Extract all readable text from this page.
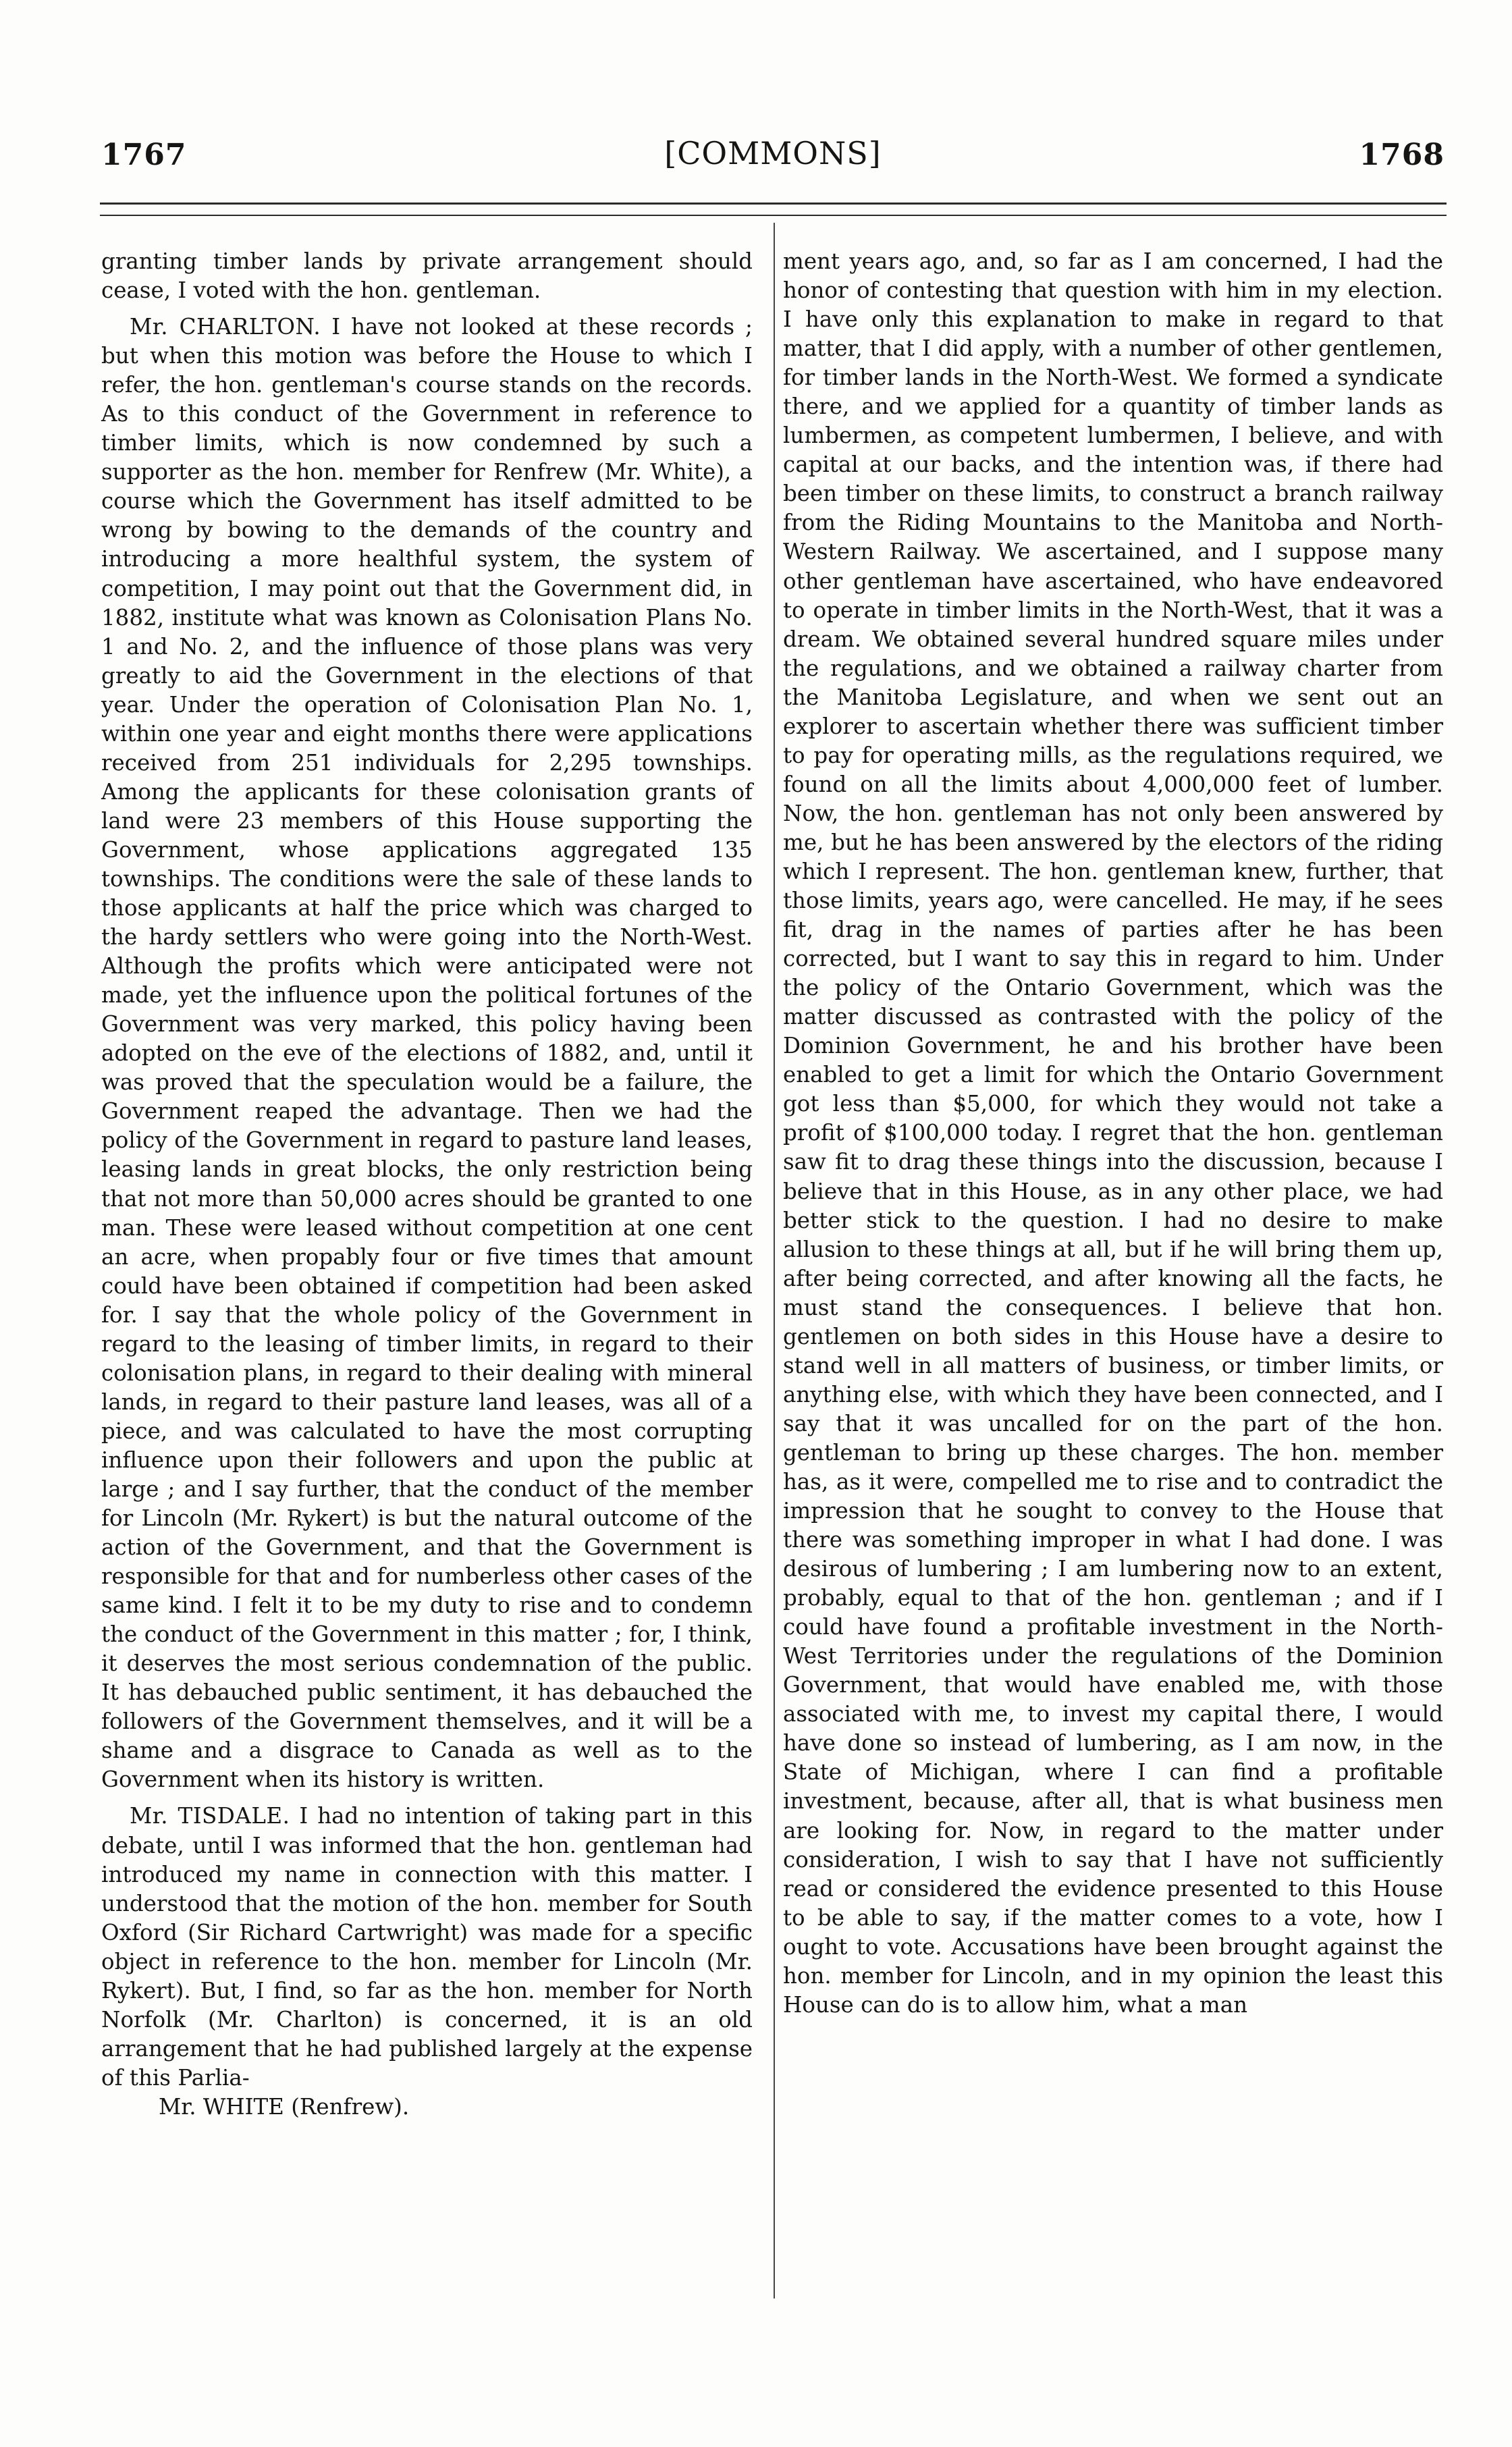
1767	[COMMONS]	1768

granting timber lands by private arrangement should cease, I voted with the hon. gentleman.

Mr. CHARLTON. I have not looked at these records ; but when this motion was before the House to which I refer, the hon. gentleman's course stands on the records. As to this conduct of the Government in reference to timber limits, which is now condemned by such a supporter as the hon. member for Renfrew (Mr. White), a course which the Government has itself admitted to be wrong by bowing to the demands of the country and introducing a more healthful system, the system of competition, I may point out that the Government did, in 1882, institute what was known as Colonisation Plans No. 1 and No. 2, and the influence of those plans was very greatly to aid the Government in the elections of that year. Under the operation of Colonisation Plan No. 1, within one year and eight months there were applications received from 251 individuals for 2,295 townships. Among the applicants for these colonisation grants of land were 23 members of this House supporting the Government, whose applications aggregated 135 townships. The conditions were the sale of these lands to those applicants at half the price which was charged to the hardy settlers who were going into the North-West. Although the profits which were anticipated were not made, yet the influence upon the political fortunes of the Government was very marked, this policy having been adopted on the eve of the elections of 1882, and, until it was proved that the speculation would be a failure, the Government reaped the advantage. Then we had the policy of the Government in regard to pasture land leases, leasing lands in great blocks, the only restriction being that not more than 50,000 acres should be granted to one man. These were leased without competition at one cent an acre, when propably four or five times that amount could have been obtained if competition had been asked for. I say that the whole policy of the Government in regard to the leasing of timber limits, in regard to their colonisation plans, in regard to their dealing with mineral lands, in regard to their pasture land leases, was all of a piece, and was calculated to have the most corrupting influence upon their followers and upon the public at large ; and I say further, that the conduct of the member for Lincoln (Mr. Rykert) is but the natural outcome of the action of the Government, and that the Government is responsible for that and for numberless other cases of the same kind. I felt it to be my duty to rise and to condemn the conduct of the Government in this matter ; for, I think, it deserves the most serious condemnation of the public. It has debauched public sentiment, it has debauched the followers of the Government themselves, and it will be a shame and a disgrace to Canada as well as to the Government when its history is written.

Mr. TISDALE. I had no intention of taking part in this debate, until I was informed that the hon. gentleman had introduced my name in connection with this matter. I understood that the motion of the hon. member for South Oxford (Sir Richard Cartwright) was made for a specific object in reference to the hon. member for Lincoln (Mr. Rykert). But, I find, so far as the hon. member for North Norfolk (Mr. Charlton) is concerned, it is an old arrangement that he had published largely at the expense of this Parlia-

Mr. WHITE (Renfrew).

ment years ago, and, so far as I am concerned, I had the honor of contesting that question with him in my election. I have only this explanation to make in regard to that matter, that I did apply, with a number of other gentlemen, for timber lands in the North-West. We formed a syndicate there, and we applied for a quantity of timber lands as lumbermen, as competent lumbermen, I believe, and with capital at our backs, and the intention was, if there had been timber on these limits, to construct a branch railway from the Riding Mountains to the Manitoba and North-Western Railway. We ascertained, and I suppose many other gentleman have ascertained, who have endeavored to operate in timber limits in the North-West, that it was a dream. We obtained several hundred square miles under the regulations, and we obtained a railway charter from the Manitoba Legislature, and when we sent out an explorer to ascertain whether there was sufficient timber to pay for operating mills, as the regulations required, we found on all the limits about 4,000,000 feet of lumber. Now, the hon. gentleman has not only been answered by me, but he has been answered by the electors of the riding which I represent. The hon. gentleman knew, further, that those limits, years ago, were cancelled. He may, if he sees fit, drag in the names of parties after he has been corrected, but I want to say this in regard to him. Under the policy of the Ontario Government, which was the matter discussed as contrasted with the policy of the Dominion Government, he and his brother have been enabled to get a limit for which the Ontario Government got less than $5,000, for which they would not take a profit of $100,000 today. I regret that the hon. gentleman saw fit to drag these things into the discussion, because I believe that in this House, as in any other place, we had better stick to the question. I had no desire to make allusion to these things at all, but if he will bring them up, after being corrected, and after knowing all the facts, he must stand the consequences. I believe that hon. gentlemen on both sides in this House have a desire to stand well in all matters of business, or timber limits, or anything else, with which they have been connected, and I say that it was uncalled for on the part of the hon. gentleman to bring up these charges. The hon. member has, as it were, compelled me to rise and to contradict the impression that he sought to convey to the House that there was something improper in what I had done. I was desirous of lumbering ; I am lumbering now to an extent, probably, equal to that of the hon. gentleman ; and if I could have found a profitable investment in the North-West Territories under the regulations of the Dominion Government, that would have enabled me, with those associated with me, to invest my capital there, I would have done so instead of lumbering, as I am now, in the State of Michigan, where I can find a profitable investment, because, after all, that is what business men are looking for. Now, in regard to the matter under consideration, I wish to say that I have not sufficiently read or considered the evidence presented to this House to be able to say, if the matter comes to a vote, how I ought to vote. Accusations have been brought against the hon. member for Lincoln, and in my opinion the least this House can do is to allow him, what a man
